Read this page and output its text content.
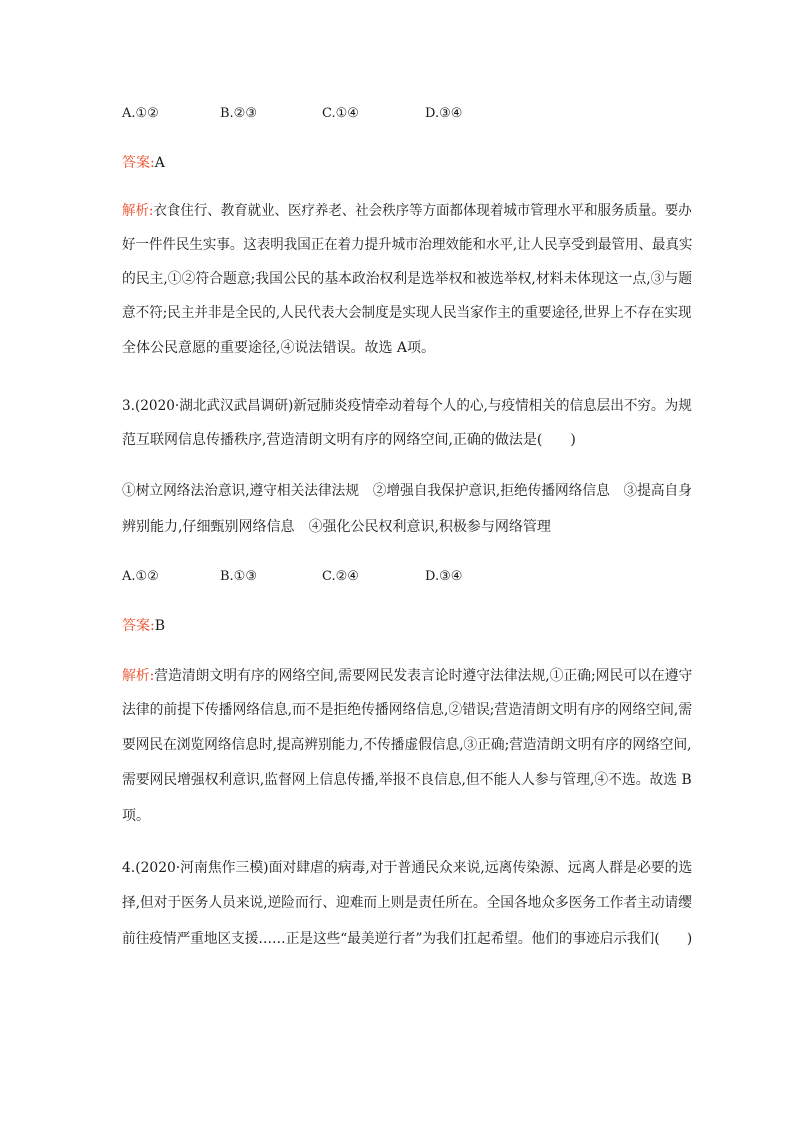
A.①②	B.②③	C.①④	D.③④
答案:A
解析:衣食住行、教育就业、医疗养老、社会秩序等方面都体现着城市管理水平和服务质量。要办
好一件件民生实事。这表明我国正在着力提升城市治理效能和水平,让人民享受到最管用、最真实
的民主,①②符合题意;我国公民的基本政治权利是选举权和被选举权,材料未体现这一点,③与题
意不符;民主并非是全民的,人民代表大会制度是实现人民当家作主的重要途径,世界上不存在实现
全体公民意愿的重要途径,④说法错误。故选 A项。
3.(2020·湖北武汉武昌调研)新冠肺炎疫情牵动着每个人的心,与疫情相关的信息层出不穷。为规
范互联网信息传播秩序,营造清朗文明有序的网络空间,正确的做法是(　　)
①树立网络法治意识,遵守相关法律法规　②增强自我保护意识,拒绝传播网络信息　③提高自身
辨别能力,仔细甄别网络信息　④强化公民权利意识,积极参与网络管理
A.①②	B.①③	C.②④	D.③④
答案:B
解析:营造清朗文明有序的网络空间,需要网民发表言论时遵守法律法规,①正确;网民可以在遵守
法律的前提下传播网络信息,而不是拒绝传播网络信息,②错误;营造清朗文明有序的网络空间,需
要网民在浏览网络信息时,提高辨别能力,不传播虚假信息,③正确;营造清朗文明有序的网络空间,
需要网民增强权利意识,监督网上信息传播,举报不良信息,但不能人人参与管理,④不选。故选 B
项。
4.(2020·河南焦作三模)面对肆虐的病毒,对于普通民众来说,远离传染源、远离人群是必要的选
择,但对于医务人员来说,逆险而行、迎难而上则是责任所在。全国各地众多医务工作者主动请缨
前往疫情严重地区支援……正是这些“最美逆行者”为我们扛起希望。他们的事迹启示我们(　　)
